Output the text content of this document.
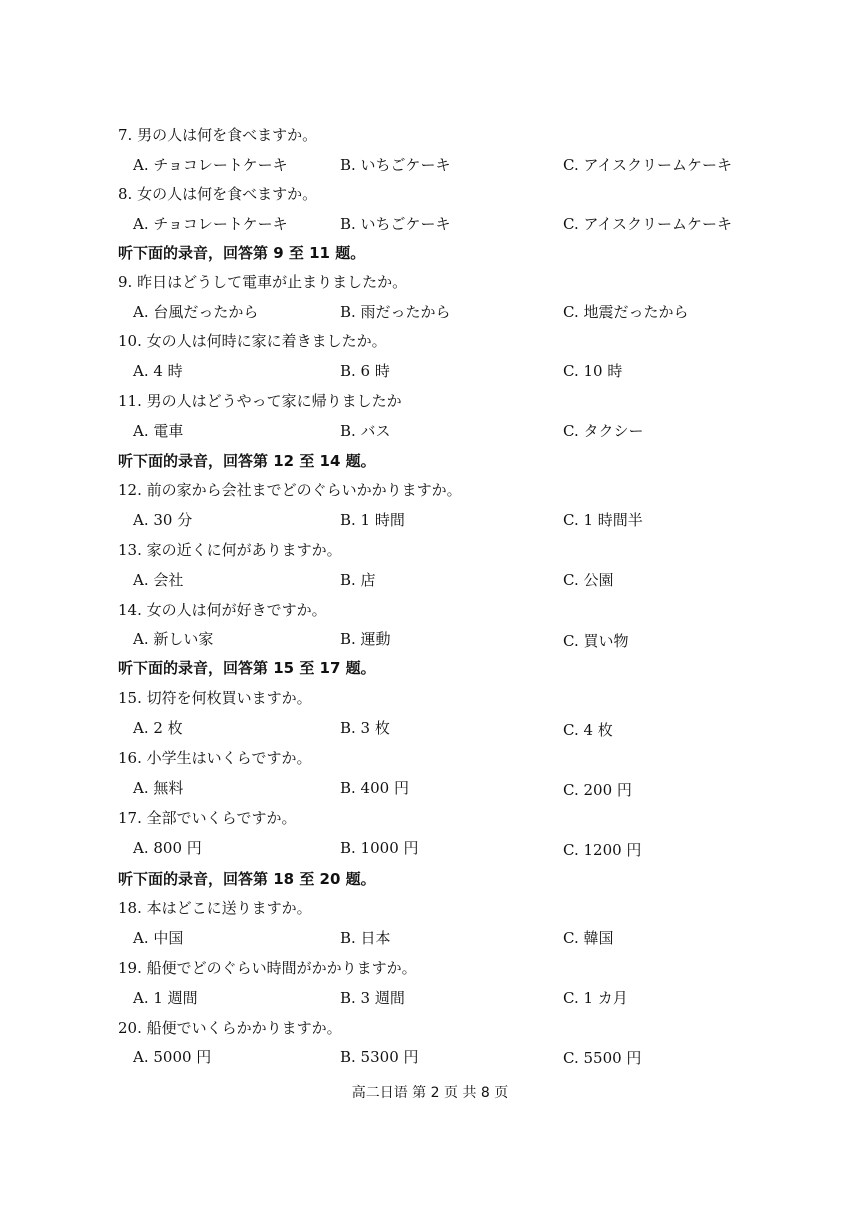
7. 男の人は何を食べますか。
A. チョコレートケーキ	B. いちごケーキ	C. アイスクリームケーキ
8. 女の人は何を食べますか。
A. チョコレートケーキ	B. いちごケーキ	C. アイスクリームケーキ
听下面的录音，回答第 9 至 11 题。
9. 昨日はどうして電車が止まりましたか。
A. 台風だったから	B. 雨だったから	C. 地震だったから
10. 女の人は何時に家に着きましたか。
A. 4 時	B. 6 時	C. 10 時
11. 男の人はどうやって家に帰りましたか
A. 電車	B. バス	C. タクシー
听下面的录音，回答第 12 至 14 题。
12. 前の家から会社までどのぐらいかかりますか。
A. 30 分	B. 1 時間	C. 1 時間半
13. 家の近くに何がありますか。
A. 会社	B. 店	C. 公園
14. 女の人は何が好きですか。
A. 新しい家	B. 運動	C. 買い物
听下面的录音，回答第 15 至 17 题。
15. 切符を何枚買いますか。
A. 2 枚	B. 3 枚	C. 4 枚
16. 小学生はいくらですか。
A. 無料	B. 400 円	C. 200 円
17. 全部でいくらですか。
A. 800 円	B. 1000 円	C. 1200 円
听下面的录音，回答第 18 至 20 题。
18. 本はどこに送りますか。
A. 中国	B. 日本	C. 韓国
19. 船便でどのぐらい時間がかかりますか。
A. 1 週間	B. 3 週間	C. 1 カ月
20. 船便でいくらかかりますか。
A. 5000 円	B. 5300 円	C. 5500 円
高二日语 第 2 页 共 8 页
